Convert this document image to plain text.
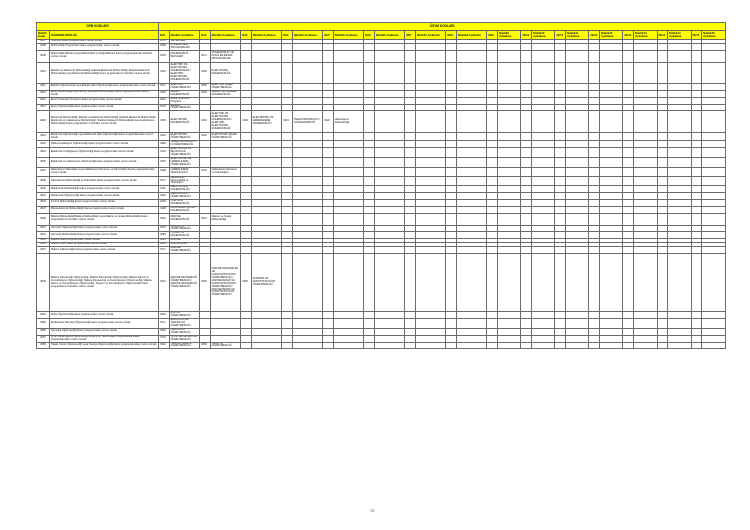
DPB KODLARI		ÖSYM KODLARI																													
Nitelik Kodu	ÖĞRENİM NİTELİĞİ	Nit1	Nitelik1 Açıklama	Nit2	Nitelik2 Açıklama	Nit3	Nitelik3 Açıklama	Nit4	Nitelik4 Açıklama	Nit5	Nitelik5 Açıklama	Nit6	Nitelik6 Açıklama	Nit7	Nitelik7 Açıklama	Nit8	Nitelik8 Açıklama	Nit9	Nitelik9 Açıklama	Nit10	Nitelik10 Açıklama	Nit11	Nitelik11 Açıklama	Nit12	Nitelik12 Açıklama	Nit13	Nitelik13 Açıklama	Nit14	Nitelik14 Açıklama	Nit15	Nitelik15 Açıklama
4607	Veteriner lisans programından mezun olmak.	3373	VETERİNER																												
4608	Mühendislik Programları lisans programından mezun olmak.	3299	MÜHENDİSLİK PROGRAMLARI																												
4609	Mühendislik Bilimleri veya Mühendislik ve Doğa Bilimleri lisans programlarından birinden mezun olmak.	3235	MÜHENDİSLİK BİLİMLERİ	3271	MÜHENDİSLİK VE DOĞA BİLİMLERİ PROGRAMLARI																										
4610	Elektrik ve Elektronik Mühendisliği, Elektrik-Elektronik Mühendisliği, Elektrik-Elektronik Mühendisliği veya Elektronik Mühendisliği lisans programlarının birinden mezun olmak.	3149	ELEKTRİK VE ELEKTRONİK MÜHENDİSLİĞİ / ELEKTRİK-ELEKTRONİK MÜHENDİSLİĞİ	3160	ELEKTRONİK MÜHENDİSLİĞİ																										
4611	Elektrik Öğretmenliği veya Elektrik İşleri Öğretmenliği lisans programlarından mezun olmak.	3147	ELEKTRİK ÖĞRETMENLİĞİ	3150	ELEKTRİK İŞLERİ ÖĞRETMENLİĞİ																										
4612	Enerji Mühendisliği veya Enerji Sistemleri Mühendisliği lisans programlarından mezun olmak.	3163	ENERJİ MÜHENDİSLİĞİ	3219	ENERJİ SİSTEMLERİ MÜHENDİSLİĞİ																										
4616	Enerji Sistemleri Programı lisans programından mezun olmak.	3444	Enerji Sistemleri Programı																												
4617	Enerji Öğretmenliği lisans programından mezun olmak.	3173	ENERJİ ÖĞRETMENLİĞİ																												
4618	Elektronik Mühendisliği, Elektrik ve Elektronik Mühendisliği, Elektrik-Elektronik Mühendisliği, Elektronik ve Haberleşme Mühendisliği, Telekomünikasyon Mühendisliği veya Haberleşme Mühendisliği lisans programlarının birinden mezun olmak.	3165	ELEKTRONİK MÜHENDİSLİĞİ	3162	ELEKTRİK VE ELEKTRONİK MÜHENDİSLİĞİ / ELEKTRİK-ELEKTRONİK MÜHENDİSLİĞİ	3166	ELEKTRONİK VE HABERLEŞME MÜHENDİSLİĞİ	3331	TELEKOMÜNİKASYON MÜHENDİSLİĞİ	3322	Haberleşme Mühendisliği																				
4621	Elektronik Öğretmenliği veya Elektronik İşleri Öğretmenliği lisans programlarından mezun olmak.	3164	ELEKTRONİK ÖĞRETMENLİĞİ	3181	ELEKTRONİK İŞLERİ ÖĞRETMENLİĞİ																										
4622	Telekomünikasyon Öğretmenliği lisans programından mezun olmak.	3380	TELEKOMÜNİKASYON ÖĞRETMENLİĞİ																												
4623	Elektronik ve Bilgisayar Öğretmenliği lisans programından mezun olmak.	3746	ELEKTRONİK VE BİLGİSAYAR ÖĞRETMENLİĞİ																												
4625	Elektronik ve Haberleşme Öğretmenliği lisans programından mezun olmak.	3167	ELEKTRONİK VE HABERLEŞME ÖĞRETMENLİĞİ																												
4627	Haberleşme Teknolojisi veya Haberleşme Donanım ve Teknolojileri lisans programlarından mezun olmak.	3198	HABERLEŞME TEKNOLOJİSİ	4276	Haberleşme Donanım ve Teknolojileri																										
4628	Haberleşme Mühendisliği ve Teknolojisi lisans programından mezun olmak.	4277	Haberleşme Mühendisliği ve Teknolojisi																												
4630	Mekatronik Mühendisliği lisans programından mezun olmak.	3116	MEKATRONİK MÜHENDİSLİĞİ																												
4631	Mekatronik Öğretmenliği lisans programından mezun olmak.	3115	MEKATRONİK ÖĞRETMENLİĞİ																												
4633	Kontrol Mühendisliği lisans programından mezun olmak.	3249	KONTROL MÜHENDİSLİĞİ																												
4637	Mikroelektronik Mühendisliği lisans programından mezun olmak.	3108	MİKROELEKTRONİK MÜHENDİSLİĞİ																												
4639	Makine Mühendisliği/Makina Mühendisliği veya Makine ve İmalat Mühendisliği lisans programlarının birinden mezun olmak.	3292	MAKİNE MÜHENDİSLİĞİ	4374	Makine ve İmalat Mühendisliği																										
4641	Otomotiv Öğretmenliği lisans programından mezun olmak.	3276	OTOMOTİV ÖĞRETMENLİĞİ																												
4642	Otomotiv Mühendisliği lisans programından mezun olmak.	3283	OTOMOTİV MÜHENDİSLİĞİ																												
4643	Makine lisans programından mezun olmak.	3223	MAKİNE																												
4645	Makine (DİK) lisans programından mezun olmak.	4295	MAKİNA (DİK)																												
4647	Makine Öğretmenliği lisans programından mezun olmak.	3717	MAKİNE ÖĞRETMENLİĞİ																												
4649	Makine Ressamlığı Öğretmenliği, Makine Ressamlığı Öğretmenliği, Makine Resmi ve Konstrüksiyon Öğretmenliği, Makine Ressamlığı ve Konstrüksiyon Öğretmenliği, Makine Resim ve Konstrüksiyon Öğretmenliği, Tasarım ve Konstrüksiyon Öğretmenliği lisans programlarının birinden mezun olmak.	3224	MAKİNE RESSAMLIĞI ÖĞRETMENLİĞİ / MAKİNE RESSAMLIĞI ÖĞRETMENLİĞİ	3253	MAKİNE RESSAMLIĞI VE KONSTRÜKSİYONU ÖĞRETMENLİĞİ / MAKİNE RESMİ VE KONSTRÜKSİYONU ÖĞRETMENLİĞİ / MAKİNE RESİM VE KONSTRÜKSİYON ÖĞRETMENLİĞİ	3326	TASARIM VE KONSTRÜKSİYON ÖĞRETMENLİĞİ																								
4651	Motor Öğretmenliği lisans programından mezun olmak.	3233	MOTOR ÖĞRETMENLİĞİ																												
4653	Endüstriyel Teknoloji Öğretmenliği lisans programından mezun olmak.	3171	ENDÜSTRİYEL TEKNOLOJİ ÖĞRETMENLİĞİ																												
4655	Teknoloji Öğretmenliği lisans programından mezun olmak.	3264	TEKNOLOJİ ÖĞRETMENLİĞİ																												
4657	İş ve Teknik Eğitimi Öğretmenliği veya İş ve Teknik Eğitim Öğretmenliği lisans programlarından mezun olmak.	3723	İŞ VE TEKNİK EĞİTİM ÖĞRETMENLİĞİ																												
4659	Talaşlı Üretim Öğretmenliği veya Tesviye Öğretmenliği lisans programlarından mezun olmak.	3322	TALAŞLI ÜRETİM ÖĞRETMENLİĞİ	3266	TESVİYE ÖĞRETMENLİĞİ																										
70
